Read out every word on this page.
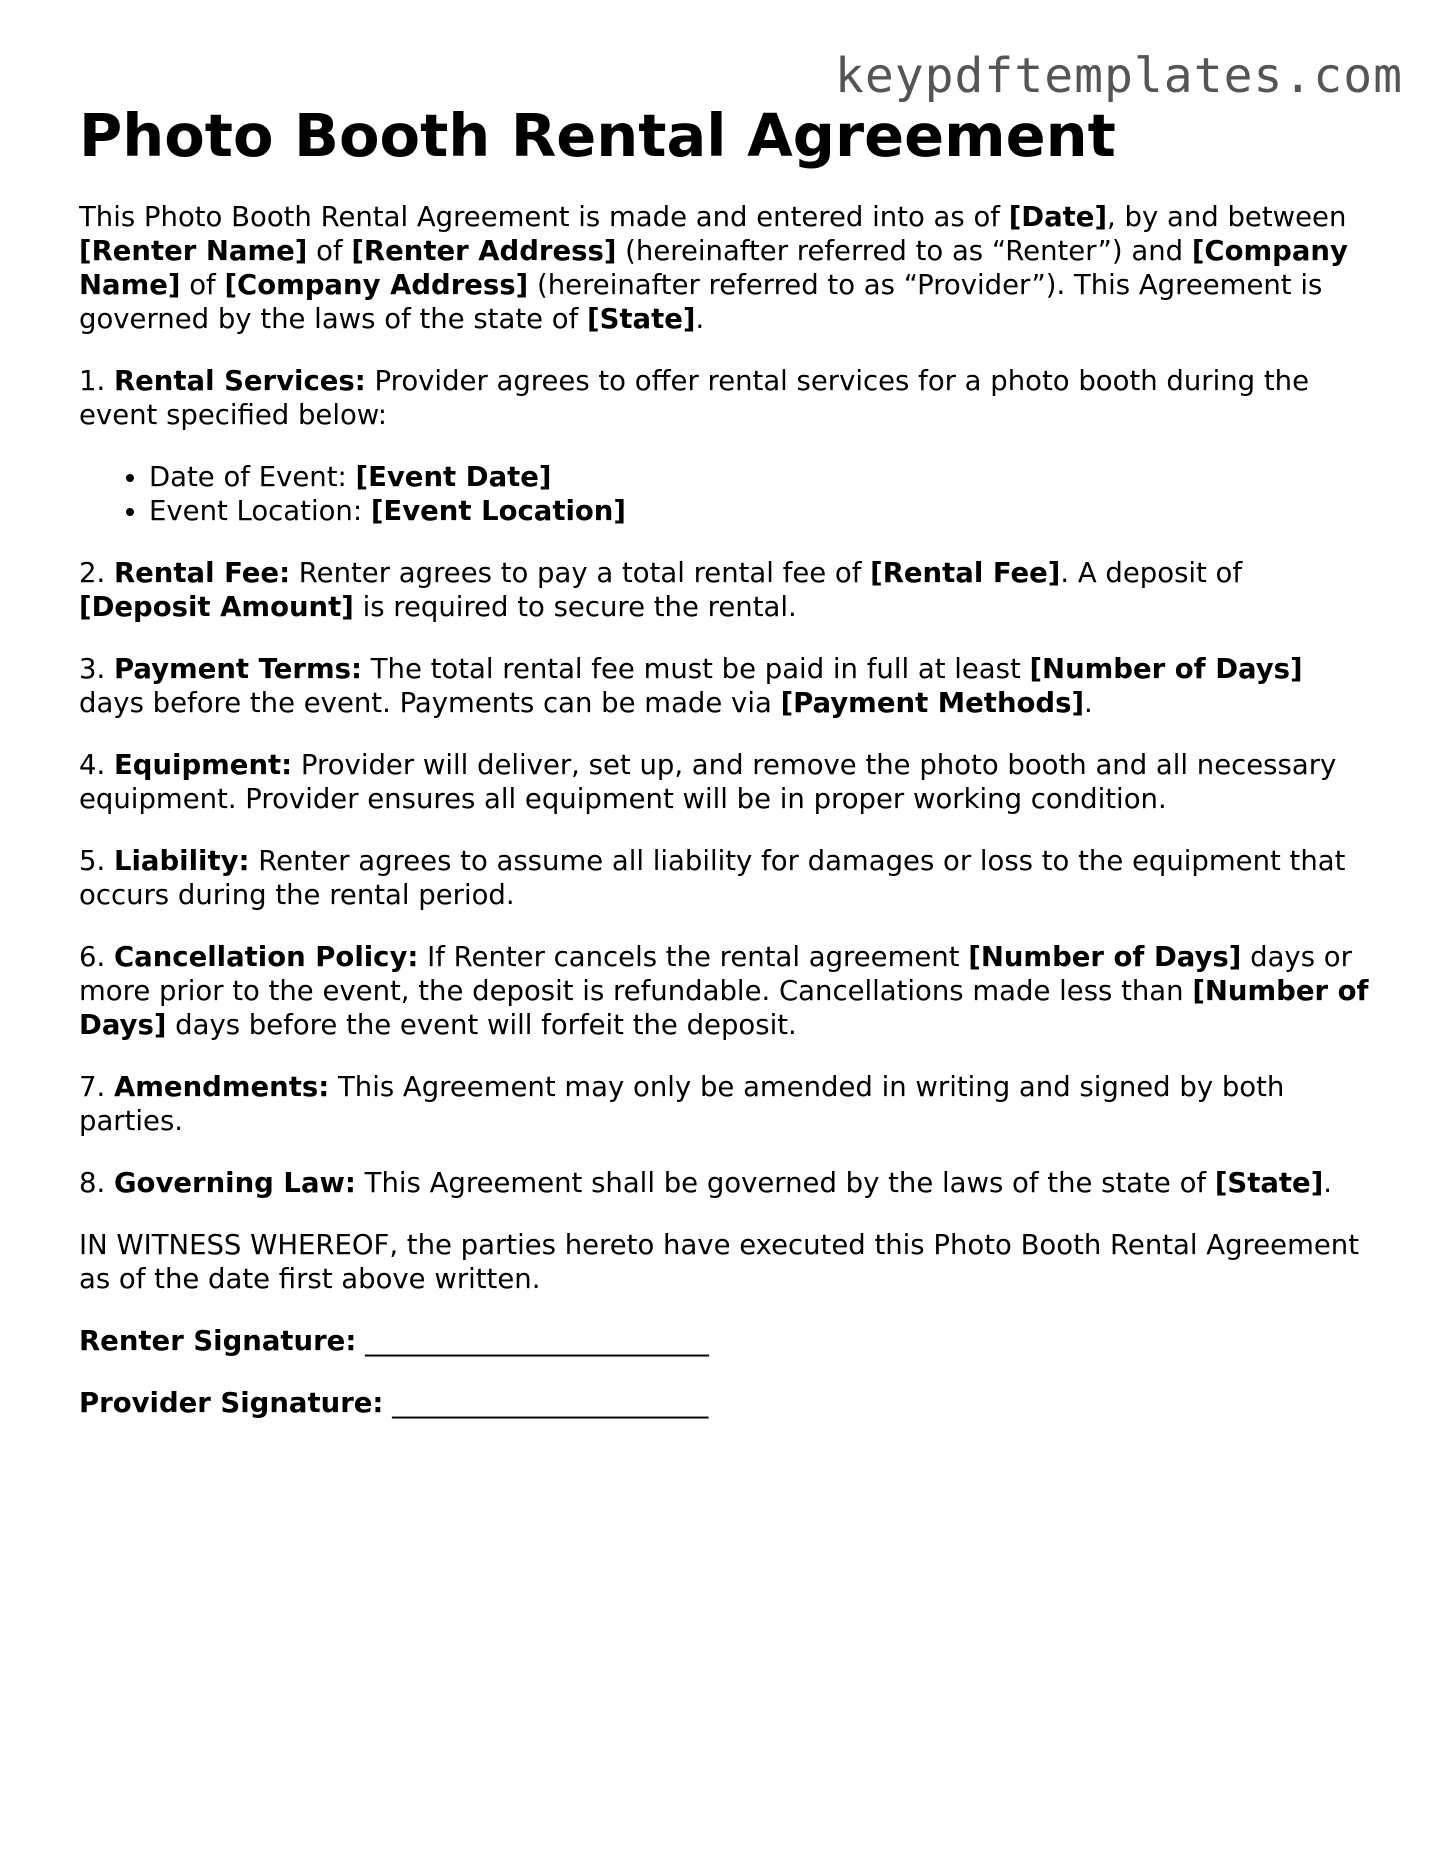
keypdftemplates.com
Photo Booth Rental Agreement

This Photo Booth Rental Agreement is made and entered into as of [Date], by and between [Renter Name] of [Renter Address] (hereinafter referred to as “Renter”) and [Company Name] of [Company Address] (hereinafter referred to as “Provider”). This Agreement is governed by the laws of the state of [State].

1. Rental Services: Provider agrees to offer rental services for a photo booth during the event specified below:

• Date of Event: [Event Date]
• Event Location: [Event Location]

2. Rental Fee: Renter agrees to pay a total rental fee of [Rental Fee]. A deposit of [Deposit Amount] is required to secure the rental.

3. Payment Terms: The total rental fee must be paid in full at least [Number of Days] days before the event. Payments can be made via [Payment Methods].

4. Equipment: Provider will deliver, set up, and remove the photo booth and all necessary equipment. Provider ensures all equipment will be in proper working condition.

5. Liability: Renter agrees to assume all liability for damages or loss to the equipment that occurs during the rental period.

6. Cancellation Policy: If Renter cancels the rental agreement [Number of Days] days or more prior to the event, the deposit is refundable. Cancellations made less than [Number of Days] days before the event will forfeit the deposit.

7. Amendments: This Agreement may only be amended in writing and signed by both parties.

8. Governing Law: This Agreement shall be governed by the laws of the state of [State].

IN WITNESS WHEREOF, the parties hereto have executed this Photo Booth Rental Agreement as of the date first above written.

Renter Signature: _________________________

Provider Signature: _______________________
